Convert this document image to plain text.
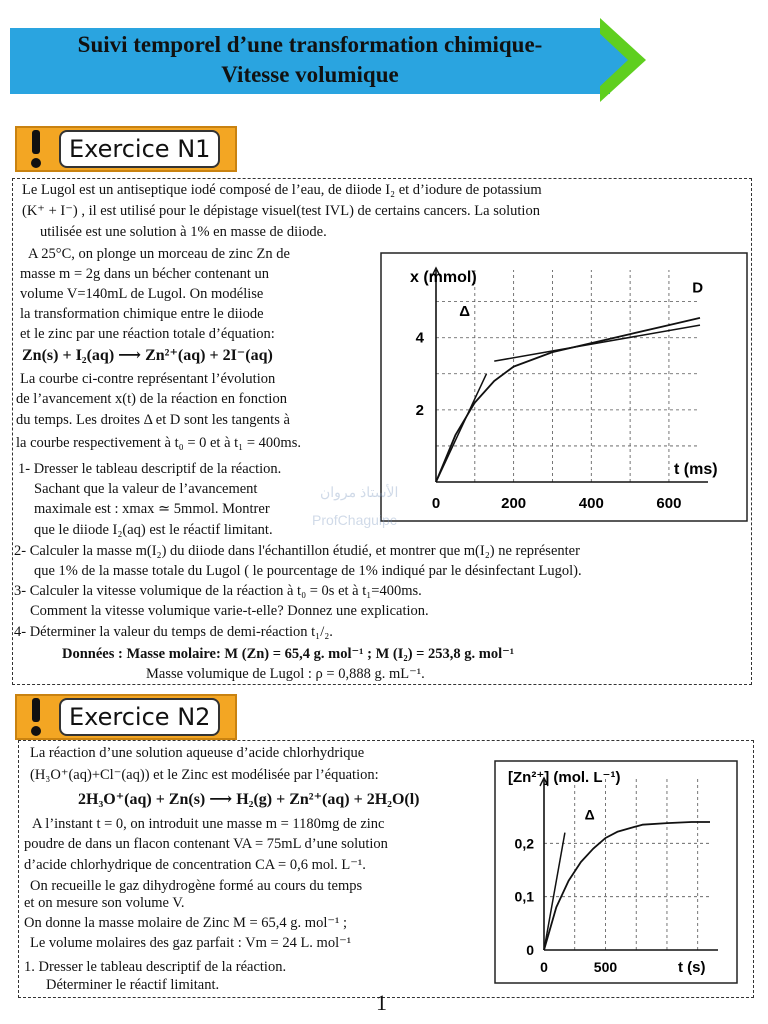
Suivi temporel d’une transformation chimique-
Vitesse volumique
Exercice N1
Le Lugol est un antiseptique iodé composé de l’eau, de diiode I₂ et d’iodure de potassium
(K⁺ + I⁻) , il est utilisé pour le dépistage visuel(test IVL) de certains cancers. La solution
utilisée est une solution à 1% en masse de diiode.
A 25°C, on plonge un morceau de zinc Zn de
masse m = 2g dans un bécher contenant un
volume V=140mL de Lugol. On modélise
la transformation chimique entre le diiode
et le zinc par une réaction totale d’équation:
Zn(s) + I₂(aq) ⟶ Zn²⁺(aq) + 2I⁻(aq)
La courbe ci-contre représentant l’évolution
de l’avancement x(t) de la réaction en fonction
du temps. Les droites Δ et D sont les tangents à
la courbe respectivement à t₀ = 0 et à t₁ = 400ms.
1- Dresser le tableau descriptif de la réaction.
Sachant que la valeur de l’avancement
maximale est : xmax ≃ 5mmol. Montrer
que le diiode I₂(aq) est le réactif limitant.
2- Calculer la masse m(I₂) du diiode dans l'échantillon étudié, et montrer que m(I₂) ne représenter
que 1% de la masse totale du Lugol ( le pourcentage de 1% indiqué par le désinfectant Lugol).
3- Calculer la vitesse volumique de la réaction à t₀ = 0s et à t₁=400ms.
Comment la vitesse volumique varie-t-elle? Donnez une explication.
4- Déterminer la valeur du temps de demi-réaction t₁/₂.
Données : Masse molaire: M (Zn) = 65,4 g. mol⁻¹ ; M (I₂) = 253,8 g. mol⁻¹
Masse volumique de Lugol : ρ = 0,888 g. mL⁻¹.
0	200	400	600
2
4
x (mmol)
t (ms)
Δ
D
الأستاذ مروان
ProfChaguipc
Exercice N2
La réaction d’une solution aqueuse d’acide chlorhydrique
(H₃O⁺(aq)+Cl⁻(aq)) et le Zinc est modélisée par l’équation:
2H₃O⁺(aq) + Zn(s) ⟶ H₂(g) + Zn²⁺(aq) + 2H₂O(l)
A l’instant t = 0, on introduit une masse m = 1180mg de zinc
poudre de dans un flacon contenant VA = 75mL d’une solution
d’acide chlorhydrique de concentration CA = 0,6 mol. L⁻¹.
On recueille le gaz dihydrogène formé au cours du temps
et on mesure son volume V.
On donne la masse molaire de Zinc M = 65,4 g. mol⁻¹ ;
Le volume molaires des gaz parfait : Vm = 24 L. mol⁻¹
1. Dresser le tableau descriptif de la réaction.
Déterminer le réactif limitant.
0	500
0,1
0,2
[Zn²⁺] (mol. L⁻¹)
t (s)
Δ
0
1
